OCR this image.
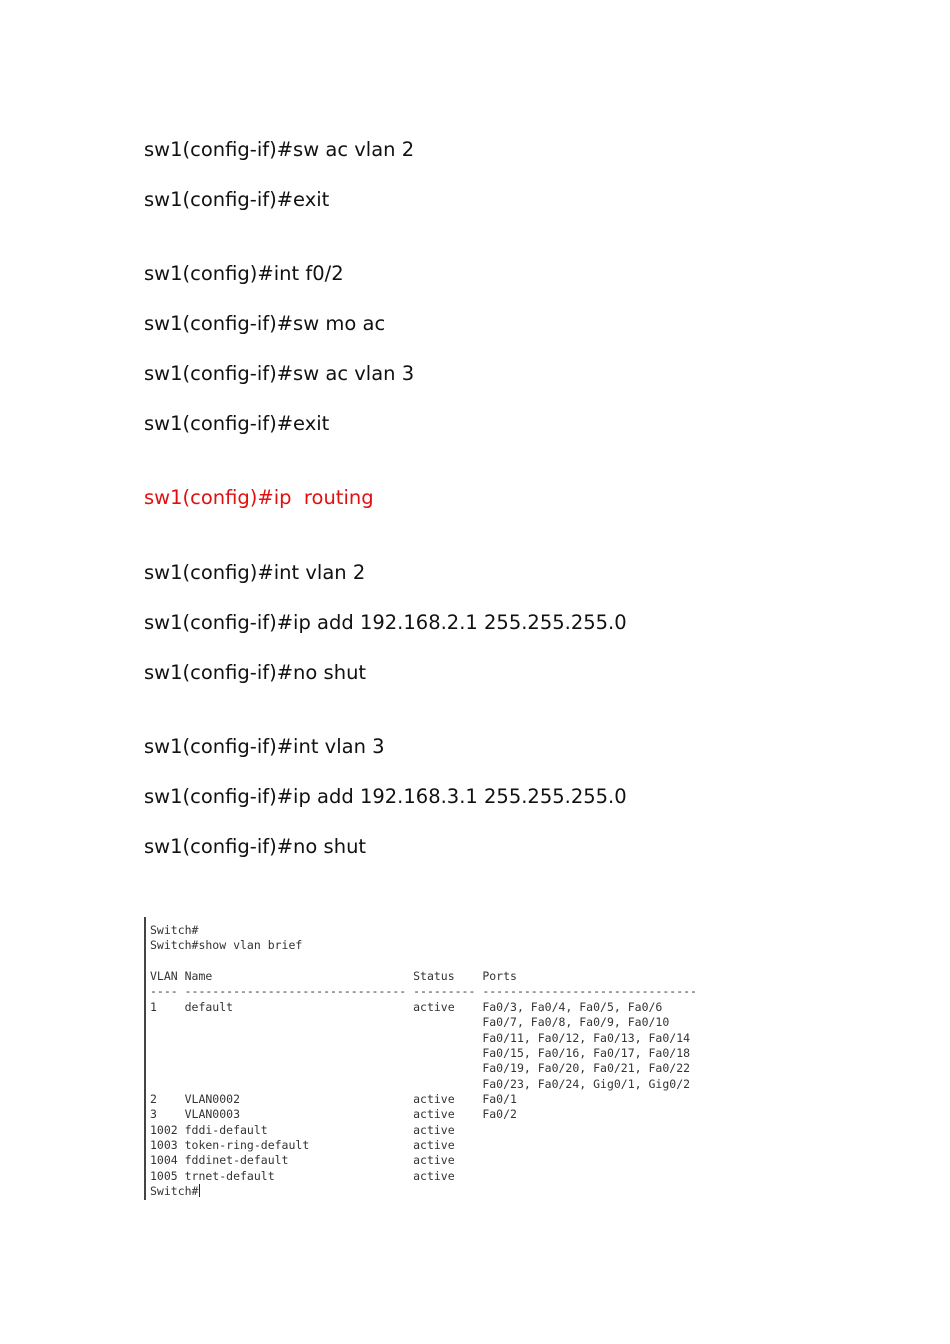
sw1(config-if)#sw ac vlan 2
sw1(config-if)#exit
sw1(config)#int f0/2
sw1(config-if)#sw mo ac
sw1(config-if)#sw ac vlan 3
sw1(config-if)#exit
sw1(config)#ip  routing
sw1(config)#int vlan 2
sw1(config-if)#ip add 192.168.2.1 255.255.255.0
sw1(config-if)#no shut
sw1(config-if)#int vlan 3
sw1(config-if)#ip add 192.168.3.1 255.255.255.0
sw1(config-if)#no shut
Switch#
Switch#show vlan brief
VLAN Name                             Status    Ports
---- -------------------------------- --------- -------------------------------
1    default                          active    Fa0/3, Fa0/4, Fa0/5, Fa0/6
Fa0/7, Fa0/8, Fa0/9, Fa0/10
Fa0/11, Fa0/12, Fa0/13, Fa0/14
Fa0/15, Fa0/16, Fa0/17, Fa0/18
Fa0/19, Fa0/20, Fa0/21, Fa0/22
Fa0/23, Fa0/24, Gig0/1, Gig0/2
2    VLAN0002                         active    Fa0/1
3    VLAN0003                         active    Fa0/2
1002 fddi-default                     active
1003 token-ring-default               active
1004 fddinet-default                  active
1005 trnet-default                    active
Switch#
